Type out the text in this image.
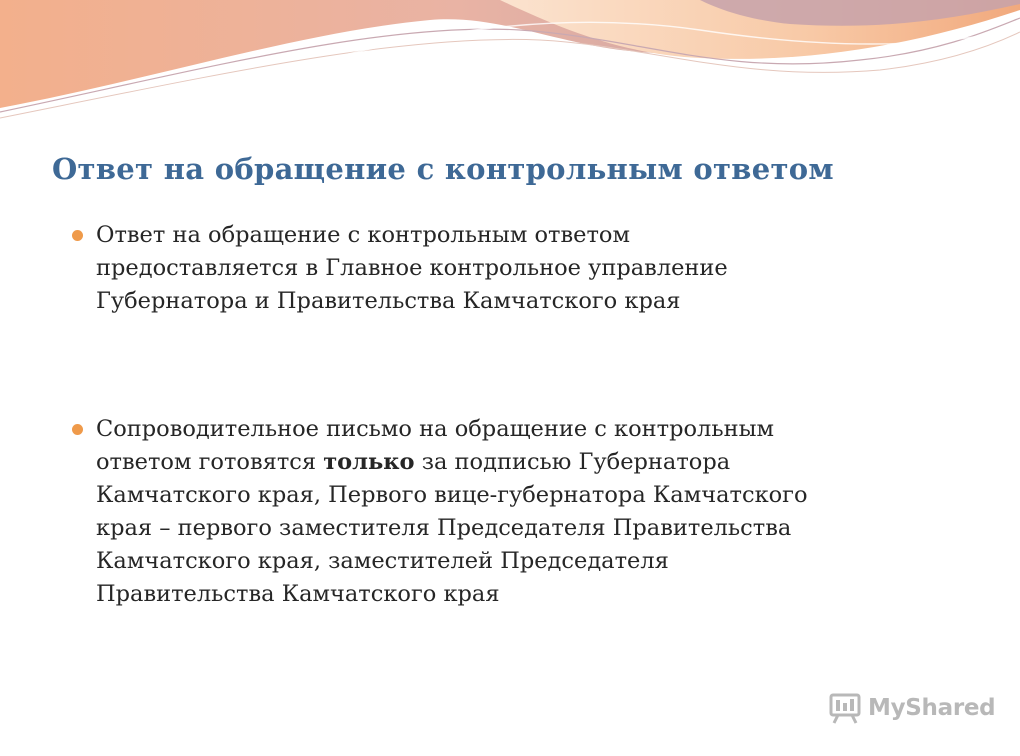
Ответ на обращение с контрольным ответом
Ответ на обращение с контрольным ответом
предоставляется в Главное контрольное управление
Губернатора и Правительства Камчатского края
Сопроводительное письмо на обращение с контрольным
ответом готовятся только за подписью Губернатора
Камчатского края, Первого вице-губернатора Камчатского
края – первого заместителя Председателя Правительства
Камчатского края, заместителей Председателя
Правительства Камчатского края
MyShared
